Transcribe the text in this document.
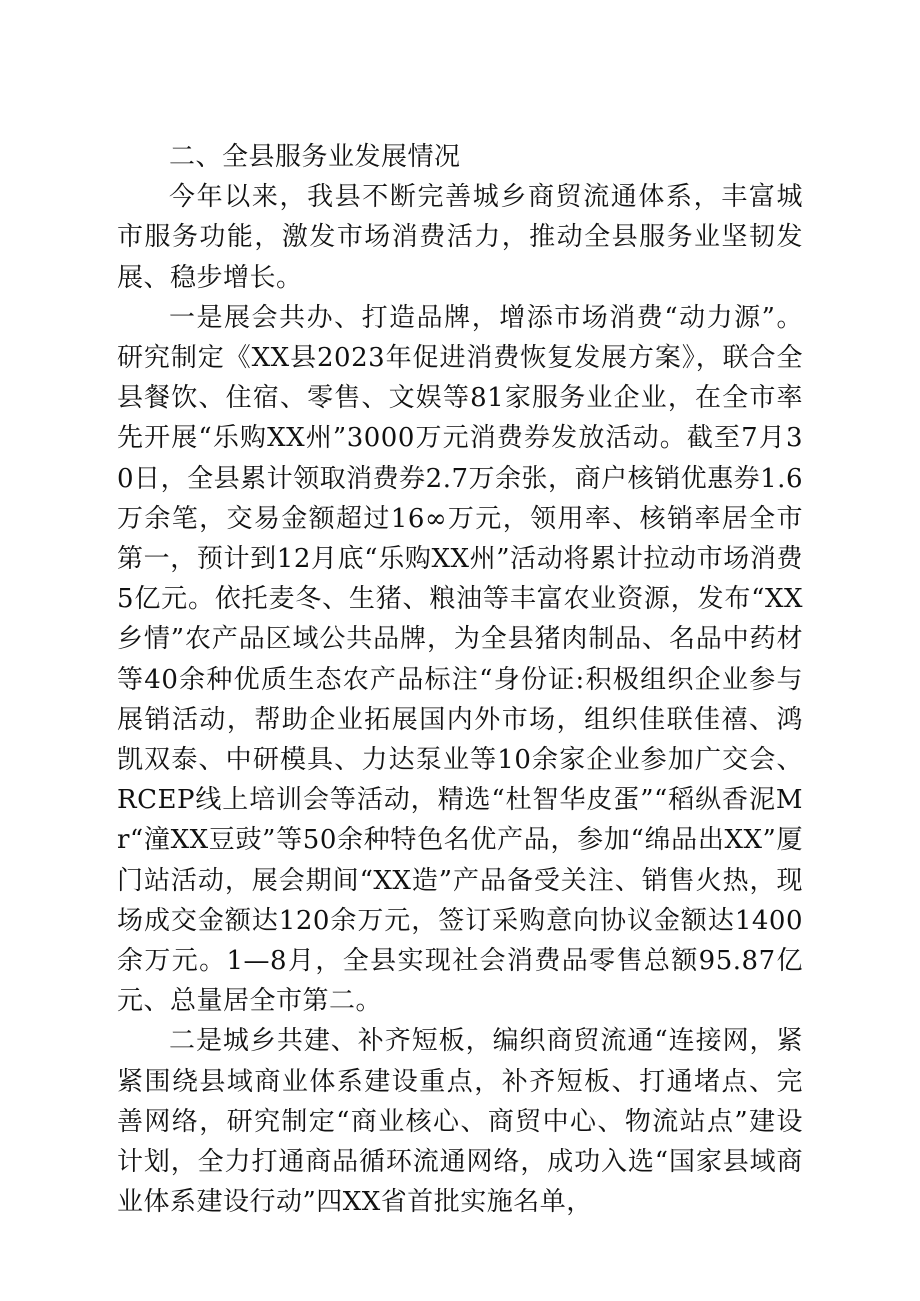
二、全县服务业发展情况

今年以来，我县不断完善城乡商贸流通体系，丰富城市服务功能，激发市场消费活力，推动全县服务业坚韧发展、稳步增长。

一是展会共办、打造品牌，增添市场消费“动力源”。研究制定《XX县2023年促进消费恢复发展方案》，联合全县餐饮、住宿、零售、文娱等81家服务业企业，在全市率先开展“乐购XX州”3000万元消费券发放活动。截至7月30日，全县累计领取消费券2.7万余张，商户核销优惠券1.6万余笔，交易金额超过16∞万元，领用率、核销率居全市第一，预计到12月底“乐购XX州”活动将累计拉动市场消费5亿元。依托麦冬、生猪、粮油等丰富农业资源，发布“XX乡情”农产品区域公共品牌，为全县猪肉制品、名品中药材等40余种优质生态农产品标注“身份证:积极组织企业参与展销活动，帮助企业拓展国内外市场，组织佳联佳禧、鸿凯双泰、中研模具、力达泵业等10余家企业参加广交会、RCEP线上培训会等活动，精选“杜智华皮蛋”“稻纵香泥Mr“潼XX豆豉”等50余种特色名优产品，参加“绵品出XX”厦门站活动，展会期间“XX造”产品备受关注、销售火热，现场成交金额达120余万元，签订采购意向协议金额达1400余万元。1—8月，全县实现社会消费品零售总额95.87亿元、总量居全市第二。

二是城乡共建、补齐短板，编织商贸流通“连接网，紧紧围绕县域商业体系建设重点，补齐短板、打通堵点、完善网络，研究制定“商业核心、商贸中心、物流站点”建设计划，全力打通商品循环流通网络，成功入选“国家县域商业体系建设行动”四XX省首批实施名单，
